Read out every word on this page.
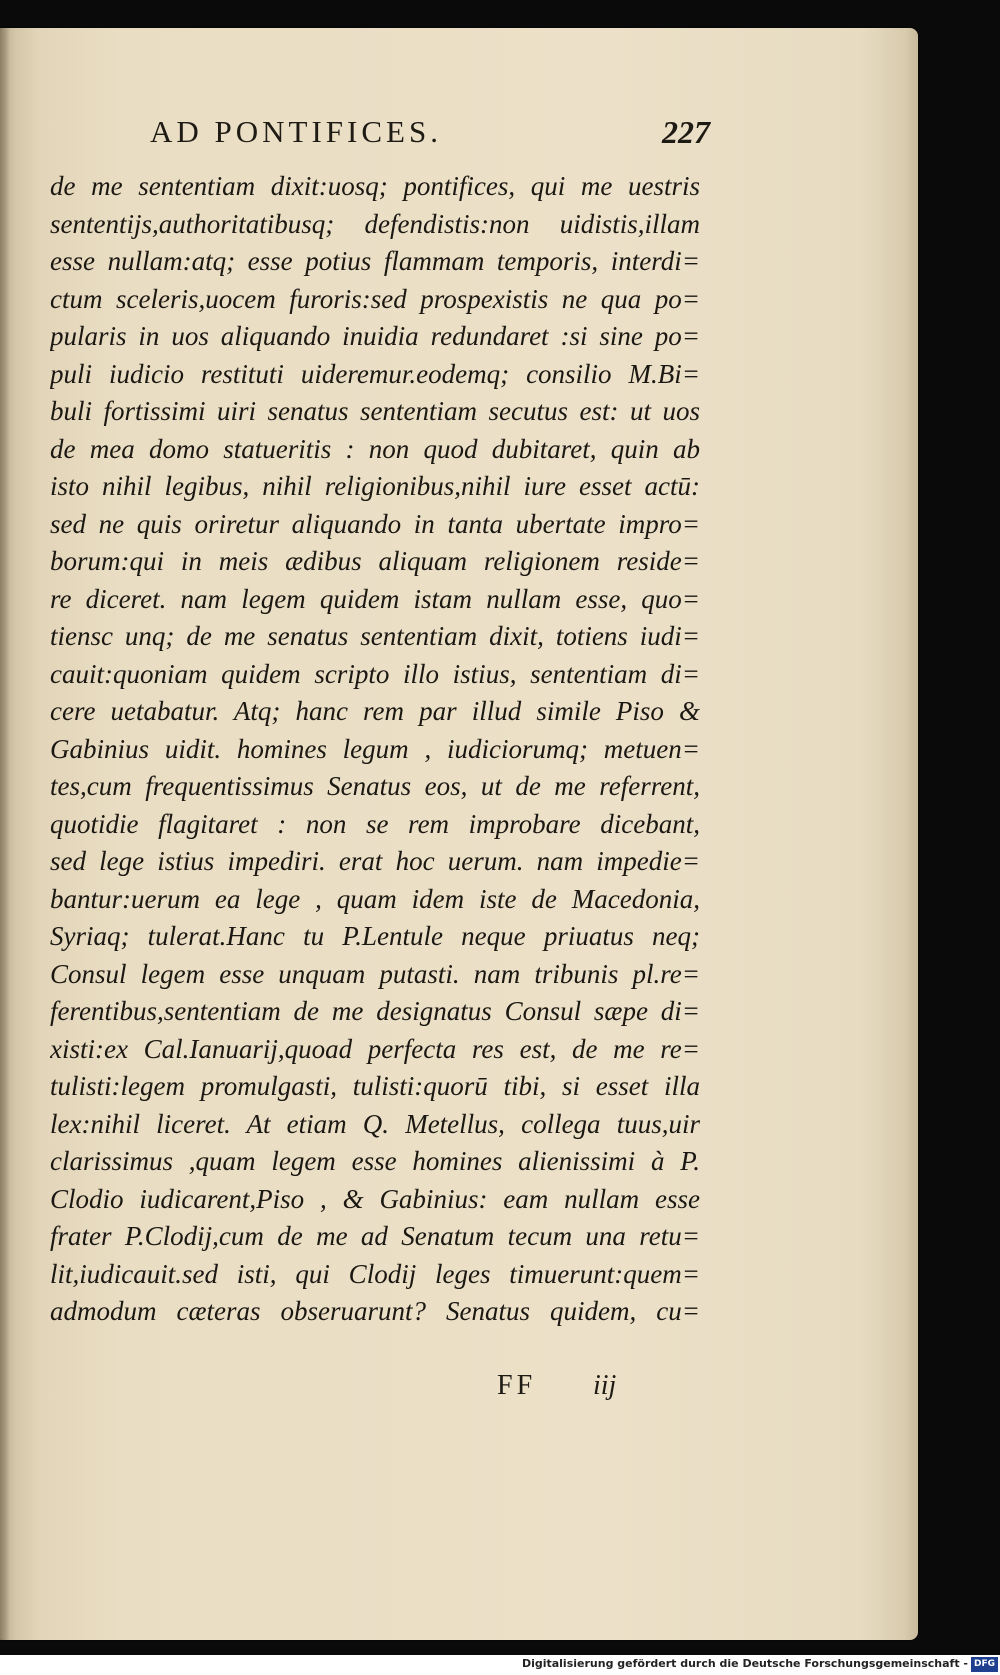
AD PONTIFICES.	227
de me sententiam dixit:uosq; pontifices, qui me uestris
sententijs,authoritatibusq; defendistis:non uidistis,illam
esse nullam:atq; esse potius flammam temporis, interdi=
ctum sceleris,uocem furoris:sed prospexistis ne qua po=
pularis in uos aliquando inuidia redundaret :si sine po=
puli iudicio restituti uideremur.eodemq; consilio M.Bi=
buli fortissimi uiri senatus sententiam secutus est: ut uos
de mea domo statueritis : non quod dubitaret, quin ab
isto nihil legibus, nihil religionibus,nihil iure esset actū:
sed ne quis oriretur aliquando in tanta ubertate impro=
borum:qui in meis ædibus aliquam religionem reside=
re diceret. nam legem quidem istam nullam esse, quo=
tiensc unq; de me senatus sententiam dixit, totiens iudi=
cauit:quoniam quidem scripto illo istius, sententiam di=
cere uetabatur. Atq; hanc rem par illud simile Piso &
Gabinius uidit. homines legum , iudiciorumq; metuen=
tes,cum frequentissimus Senatus eos, ut de me referrent,
quotidie flagitaret : non se rem improbare dicebant,
sed lege istius impediri. erat hoc uerum. nam impedie=
bantur:uerum ea lege , quam idem iste de Macedonia,
Syriaq; tulerat.Hanc tu P.Lentule neque priuatus neq;
Consul legem esse unquam putasti. nam tribunis pl.re=
ferentibus,sententiam de me designatus Consul sæpe di=
xisti:ex Cal.Ianuarij,quoad perfecta res est, de me re=
tulisti:legem promulgasti, tulisti:quorū tibi, si esset illa
lex:nihil liceret. At etiam Q. Metellus, collega tuus,uir
clarissimus ,quam legem esse homines alienissimi à P.
Clodio iudicarent,Piso , & Gabinius: eam nullam esse
frater P.Clodij,cum de me ad Senatum tecum una retu=
lit,iudicauit.sed isti, qui Clodij leges timuerunt:quem=
admodum cæteras obseruarunt? Senatus quidem, cu=
FF iij
Digitalisierung gefördert durch die Deutsche Forschungsgemeinschaft - DFG
